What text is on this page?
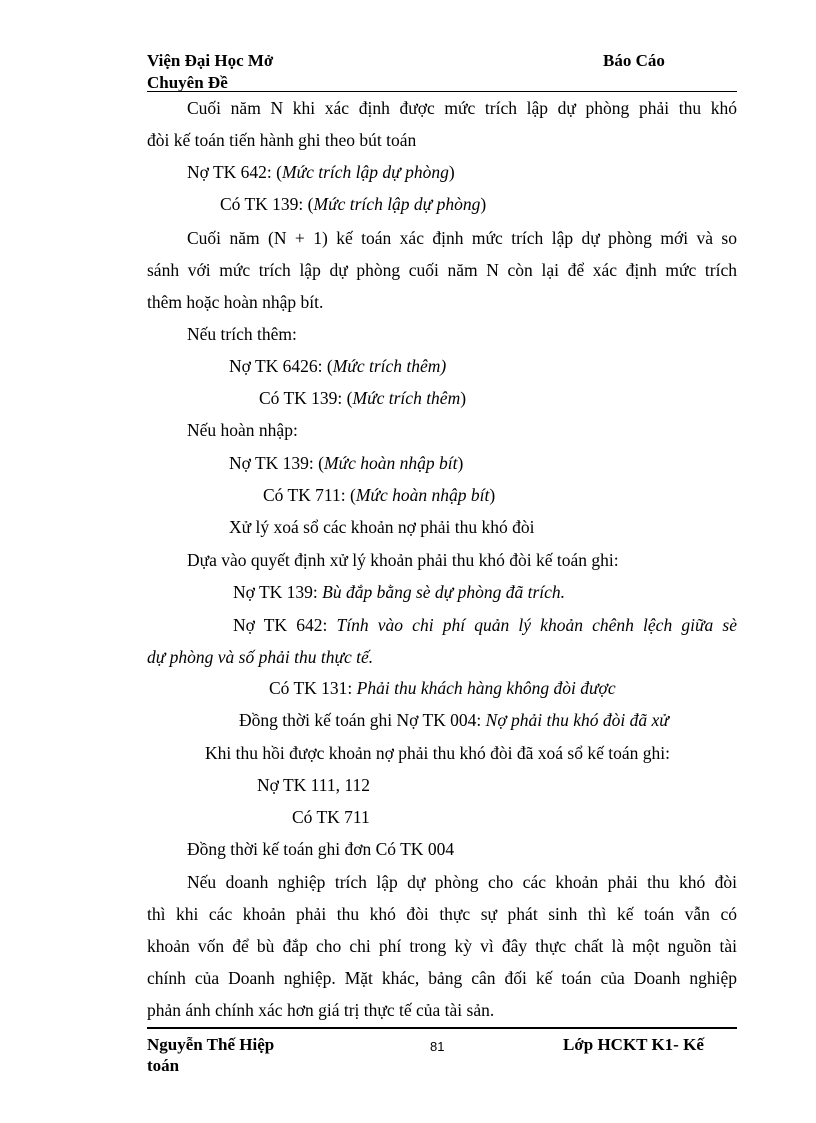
Viện Đại Học Mở
Chuyên Đề
Báo Cáo
Cuối năm N khi xác định được mức trích lập dự phòng phải thu khó
đòi kế toán tiến hành ghi theo bút toán
Nợ TK 642: (Mức trích lập dự phòng)
Có TK 139: (Mức trích lập dự phòng)
Cuối năm (N + 1) kế toán xác định mức trích lập dự phòng mới và so
sánh với mức trích lập dự phòng cuối năm N còn lại để xác định mức trích
thêm hoặc hoàn nhập bít.
Nếu trích thêm:
Nợ TK 6426: (Mức trích thêm)
Có TK 139: (Mức trích thêm)
Nếu hoàn nhập:
Nợ TK 139: (Mức hoàn nhập bít)
Có TK 711: (Mức hoàn nhập bít)
Xử lý xoá sổ các khoản nợ phải thu khó đòi
Dựa vào quyết định xử lý khoản phải thu khó đòi kế toán ghi:
Nợ TK 139: Bù đắp bằng sè dự phòng đã trích.
Nợ TK 642: Tính vào chi phí quản lý khoản chênh lệch giữa sè
dự phòng và số phải thu thực tế.
Có TK 131: Phải thu khách hàng không đòi được
Đồng thời kế toán ghi Nợ TK 004: Nợ phải thu khó đòi đã xử
Khi thu hồi được khoản nợ phải thu khó đòi đã xoá sổ kế toán ghi:
Nợ TK 111, 112
Có TK 711
Đồng thời kế toán ghi đơn Có TK 004
Nếu doanh nghiệp trích lập dự phòng cho các khoản phải thu khó đòi
thì khi các khoản phải thu khó đòi thực sự phát sinh thì kế toán vẫn có
khoản vốn để bù đắp cho chi phí trong kỳ vì đây thực chất là một nguồn tài
chính của Doanh nghiệp. Mặt khác, bảng cân đối kế toán của Doanh nghiệp
phản ánh chính xác hơn giá trị thực tế của tài sản.
Nguyễn Thế Hiệp
toán
81	Lớp HCKT K1- Kế
